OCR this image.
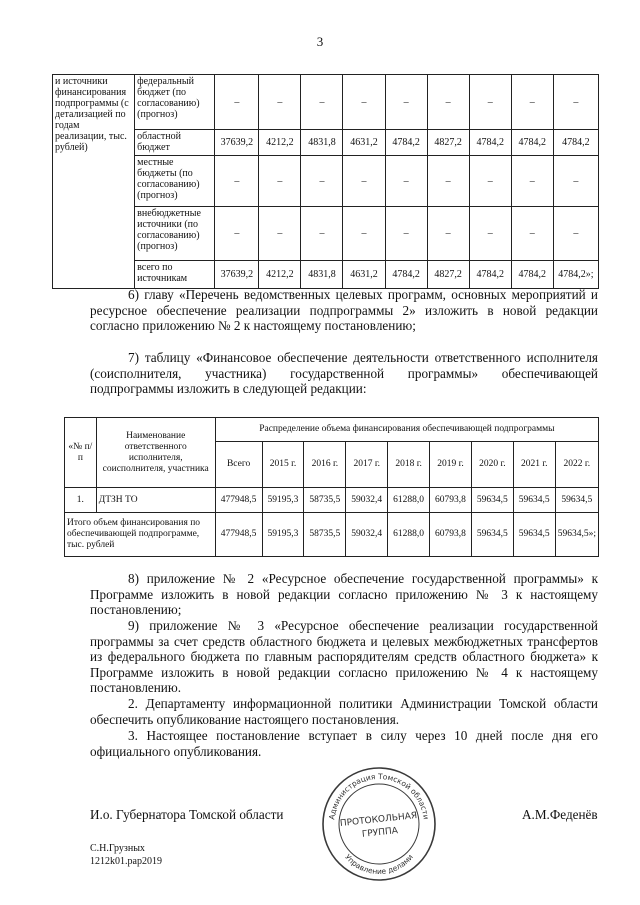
3
и источники финансирования подпрограммы (с детализацией по годам реализации, тыс. рублей)	федеральный бюджет (по согласованию) (прогноз)	–	–	–	–	–	–	–	–	–
	областной бюджет	37639,2	4212,2	4831,8	4631,2	4784,2	4827,2	4784,2	4784,2	4784,2
	местные бюджеты (по согласованию) (прогноз)	–	–	–	–	–	–	–	–	–
	внебюджетные источники (по согласованию) (прогноз)	–	–	–	–	–	–	–	–	–
	всего по источникам	37639,2	4212,2	4831,8	4631,2	4784,2	4827,2	4784,2	4784,2	4784,2»;
6) главу «Перечень ведомственных целевых программ, основных мероприятий и ресурсное обеспечение реализации подпрограммы 2» изложить в новой редакции согласно приложению № 2 к настоящему постановлению;
7) таблицу «Финансовое обеспечение деятельности ответственного исполнителя (соисполнителя, участника) государственной программы» обеспечивающей подпрограммы изложить в следующей редакции:
«№ п/п	Наименование ответственного исполнителя, соисполнителя, участника	Распределение объема финансирования обеспечивающей подпрограммы								
		Всего	2015 г.	2016 г.	2017 г.	2018 г.	2019 г.	2020 г.	2021 г.	2022 г.
1.	ДТЗН ТО	477948,5	59195,3	58735,5	59032,4	61288,0	60793,8	59634,5	59634,5	59634,5
Итого объем финансирования по обеспечивающей подпрограмме, тыс. рублей		477948,5	59195,3	58735,5	59032,4	61288,0	60793,8	59634,5	59634,5	59634,5»;
8) приложение № 2 «Ресурсное обеспечение государственной программы» к Программе изложить в новой редакции согласно приложению № 3 к настоящему постановлению;
9) приложение № 3 «Ресурсное обеспечение реализации государственной программы за счет средств областного бюджета и целевых межбюджетных трансфертов из федерального бюджета по главным распорядителям средств областного бюджета» к Программе изложить в новой редакции согласно приложению № 4 к настоящему постановлению.
2. Департаменту информационной политики Администрации Томской области обеспечить опубликование настоящего постановления.
3. Настоящее постановление вступает в силу через 10 дней после дня его официального опубликования.
И.о. Губернатора Томской области	А.М.Феденёв
Администрация Томской области
Управление делами
ПРОТОКОЛЬНАЯ
ГРУППА
С.Н.Грузных
1212k01.pap2019
